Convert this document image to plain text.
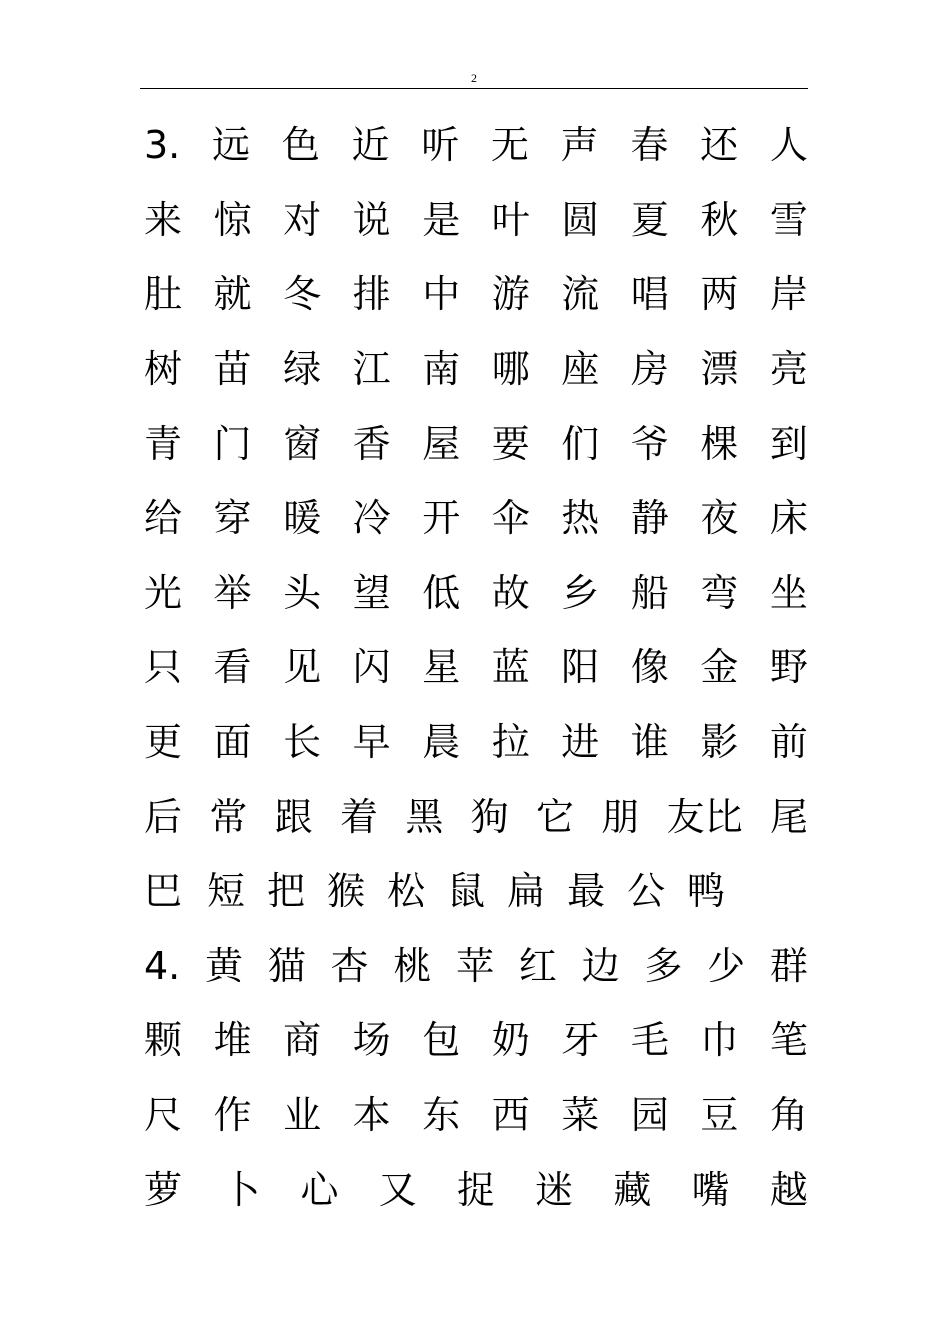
2
3. 远 色 近 听 无 声 春 还 人
来 惊 对 说 是 叶 圆 夏 秋 雪
肚 就 冬 排 中 游 流 唱 两 岸
树 苗 绿 江 南 哪 座 房 漂 亮
青 门 窗 香 屋 要 们 爷 棵 到
给 穿 暖 冷 开 伞 热 静 夜 床
光 举 头 望 低 故 乡 船 弯 坐
只 看 见 闪 星 蓝 阳 像 金 野
更 面 长 早 晨 拉 进 谁 影 前
后 常 跟 着 黑 狗 它 朋 友比 尾
巴 短 把 猴 松 鼠 扁 最 公 鸭
4. 黄 猫 杏 桃 苹 红 边 多 少 群
颗 堆 商 场 包 奶 牙 毛 巾 笔
尺 作 业 本 东 西 菜 园 豆 角
萝 卜 心 又 捉 迷 藏 嘴 越
